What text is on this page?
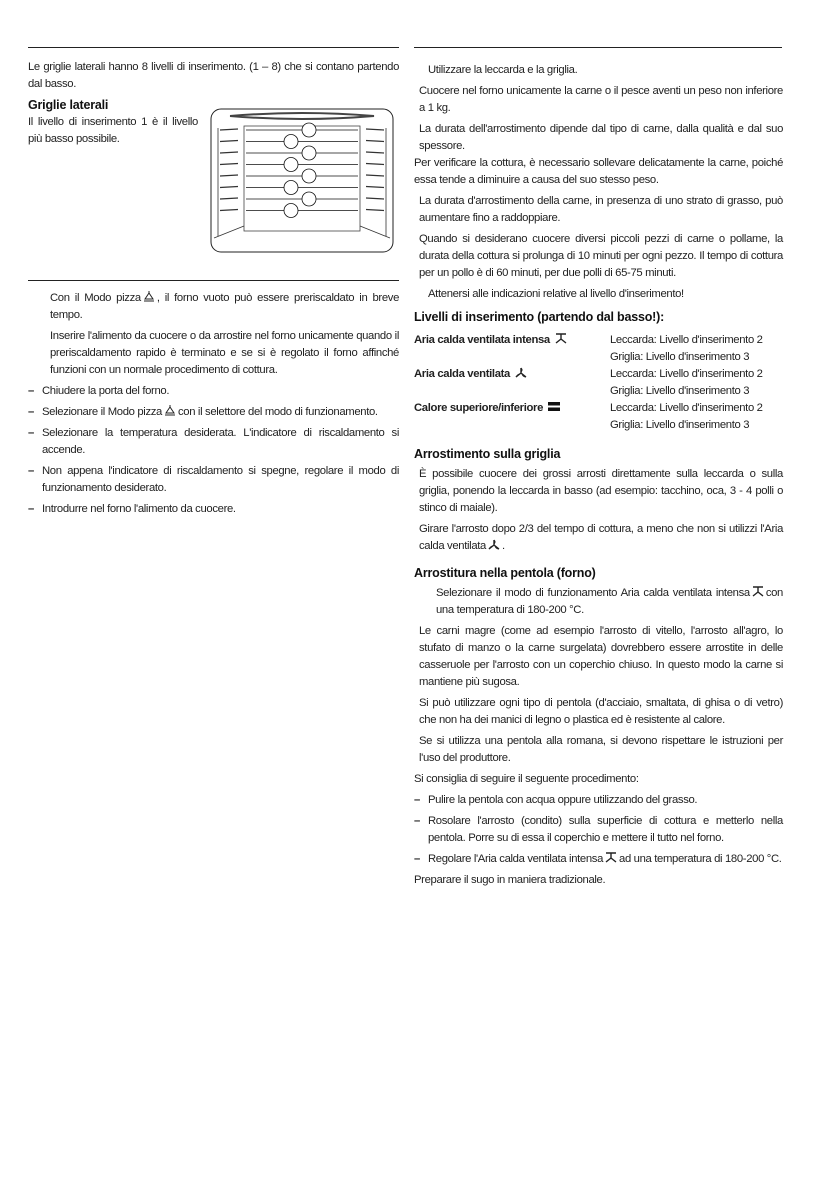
Le griglie laterali hanno 8 livelli di inserimento. (1 – 8) che si contano partendo dal basso.

Griglie laterali

Il livello di inserimento 1 è il livello più basso possibile.

Con il Modo pizza , il forno vuoto può essere preriscaldato in breve tempo.

Inserire l'alimento da cuocere o da arrostire nel forno unicamente quando il preriscaldamento rapido è terminato e se si è regolato il forno affinché funzioni con un normale procedimento di cottura.

– Chiudere la porta del forno.
– Selezionare il Modo pizza con il selettore del modo di funzionamento.
– Selezionare la temperatura desiderata. L'indicatore di riscaldamento si accende.
– Non appena l'indicatore di riscaldamento si spegne, regolare il modo di funzionamento desiderato.
– Introdurre nel forno l'alimento da cuocere.

Utilizzare la leccarda e la griglia.

Cuocere nel forno unicamente la carne o il pesce aventi un peso non inferiore a 1 kg.

La durata dell'arrostimento dipende dal tipo di carne, dalla qualità e dal suo spessore.

Per verificare la cottura, è necessario sollevare delicatamente la carne, poiché essa tende a diminuire a causa del suo stesso peso.

La durata d'arrostimento della carne, in presenza di uno strato di grasso, può aumentare fino a raddoppiare.

Quando si desiderano cuocere diversi piccoli pezzi di carne o pollame, la durata della cottura si prolunga di 10 minuti per ogni pezzo. Il tempo di cottura per un pollo è di 60 minuti, per due polli di 65-75 minuti.

Attenersi alle indicazioni relative al livello d'inserimento!

Livelli di inserimento (partendo dal basso!):
Aria calda ventilata intensa	Leccarda: Livello d'inserimento 2
Griglia: Livello d'inserimento 3

Aria calda ventilata	Leccarda: Livello d'inserimento 2
Griglia: Livello d'inserimento 3

Calore superiore/inferiore	Leccarda: Livello d'inserimento 2
Griglia: Livello d'inserimento 3
Arrostimento sulla griglia

È possibile cuocere dei grossi arrosti direttamente sulla leccarda o sulla griglia, ponendo la leccarda in basso (ad esempio: tacchino, oca, 3 - 4 polli o stinco di maiale).

Girare l'arrosto dopo 2/3 del tempo di cottura, a meno che non si utilizzi l'Aria calda ventilata .

Arrostitura nella pentola (forno)

Selezionare il modo di funzionamento Aria calda ventilata intensa con una temperatura di 180-200 °C.

Le carni magre (come ad esempio l'arrosto di vitello, l'arrosto all'agro, lo stufato di manzo o la carne surgelata) dovrebbero essere arrostite in delle casseruole per l'arrosto con un coperchio chiuso. In questo modo la carne si mantiene più sugosa.

Si può utilizzare ogni tipo di pentola (d'acciaio, smaltata, di ghisa o di vetro) che non ha dei manici di legno o plastica ed è resistente al calore.

Se si utilizza una pentola alla romana, si devono rispettare le istruzioni per l'uso del produttore.

Si consiglia di seguire il seguente procedimento:

– Pulire la pentola con acqua oppure utilizzando del grasso.
– Rosolare l'arrosto (condito) sulla superficie di cottura e metterlo nella pentola. Porre su di essa il coperchio e mettere il tutto nel forno.
– Regolare l'Aria calda ventilata intensa ad una temperatura di 180-200 °C.

Preparare il sugo in maniera tradizionale.
